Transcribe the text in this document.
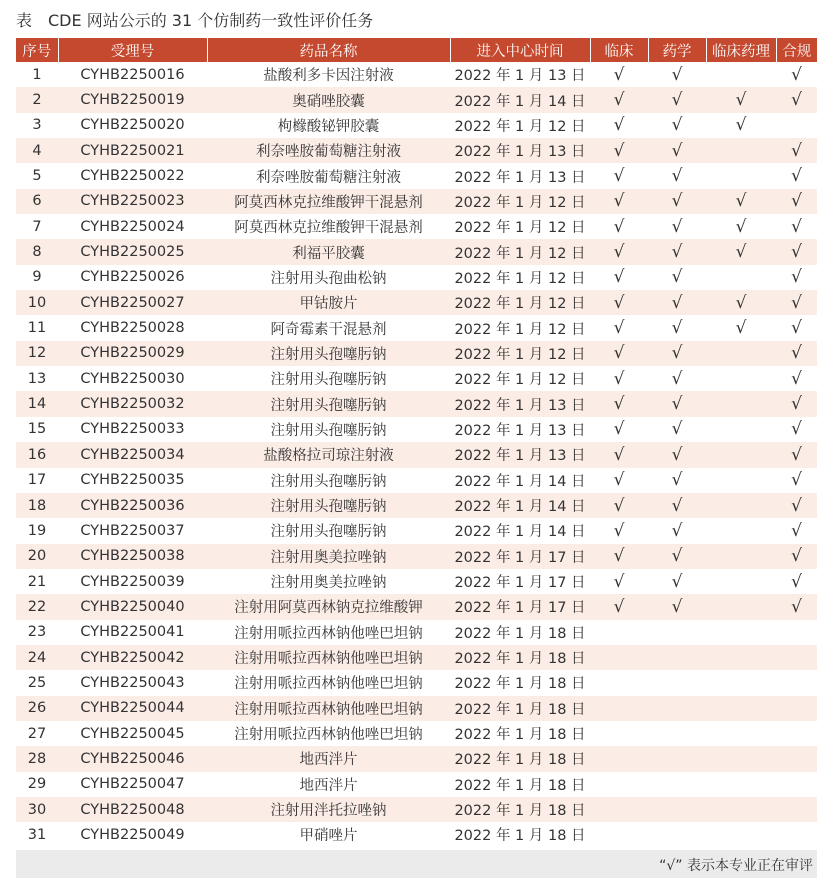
表　CDE 网站公示的 31 个仿制药一致性评价任务
序号	受理号	药品名称	进入中心时间	临床	药学	临床药理	合规
1	CYHB2250016	盐酸利多卡因注射液	2022 年 1 月 13 日	√	√		√
2	CYHB2250019	奥硝唑胶囊	2022 年 1 月 14 日	√	√	√	√
3	CYHB2250020	枸橼酸铋钾胶囊	2022 年 1 月 12 日	√	√	√	
4	CYHB2250021	利奈唑胺葡萄糖注射液	2022 年 1 月 13 日	√	√		√
5	CYHB2250022	利奈唑胺葡萄糖注射液	2022 年 1 月 13 日	√	√		√
6	CYHB2250023	阿莫西林克拉维酸钾干混悬剂	2022 年 1 月 12 日	√	√	√	√
7	CYHB2250024	阿莫西林克拉维酸钾干混悬剂	2022 年 1 月 12 日	√	√	√	√
8	CYHB2250025	利福平胶囊	2022 年 1 月 12 日	√	√	√	√
9	CYHB2250026	注射用头孢曲松钠	2022 年 1 月 12 日	√	√		√
10	CYHB2250027	甲钴胺片	2022 年 1 月 12 日	√	√	√	√
11	CYHB2250028	阿奇霉素干混悬剂	2022 年 1 月 12 日	√	√	√	√
12	CYHB2250029	注射用头孢噻肟钠	2022 年 1 月 12 日	√	√		√
13	CYHB2250030	注射用头孢噻肟钠	2022 年 1 月 12 日	√	√		√
14	CYHB2250032	注射用头孢噻肟钠	2022 年 1 月 13 日	√	√		√
15	CYHB2250033	注射用头孢噻肟钠	2022 年 1 月 13 日	√	√		√
16	CYHB2250034	盐酸格拉司琼注射液	2022 年 1 月 13 日	√	√		√
17	CYHB2250035	注射用头孢噻肟钠	2022 年 1 月 14 日	√	√		√
18	CYHB2250036	注射用头孢噻肟钠	2022 年 1 月 14 日	√	√		√
19	CYHB2250037	注射用头孢噻肟钠	2022 年 1 月 14 日	√	√		√
20	CYHB2250038	注射用奥美拉唑钠	2022 年 1 月 17 日	√	√		√
21	CYHB2250039	注射用奥美拉唑钠	2022 年 1 月 17 日	√	√		√
22	CYHB2250040	注射用阿莫西林钠克拉维酸钾	2022 年 1 月 17 日	√	√		√
23	CYHB2250041	注射用哌拉西林钠他唑巴坦钠	2022 年 1 月 18 日				
24	CYHB2250042	注射用哌拉西林钠他唑巴坦钠	2022 年 1 月 18 日				
25	CYHB2250043	注射用哌拉西林钠他唑巴坦钠	2022 年 1 月 18 日				
26	CYHB2250044	注射用哌拉西林钠他唑巴坦钠	2022 年 1 月 18 日				
27	CYHB2250045	注射用哌拉西林钠他唑巴坦钠	2022 年 1 月 18 日				
28	CYHB2250046	地西泮片	2022 年 1 月 18 日				
29	CYHB2250047	地西泮片	2022 年 1 月 18 日				
30	CYHB2250048	注射用泮托拉唑钠	2022 年 1 月 18 日				
31	CYHB2250049	甲硝唑片	2022 年 1 月 18 日				
“√” 表示本专业正在审评
